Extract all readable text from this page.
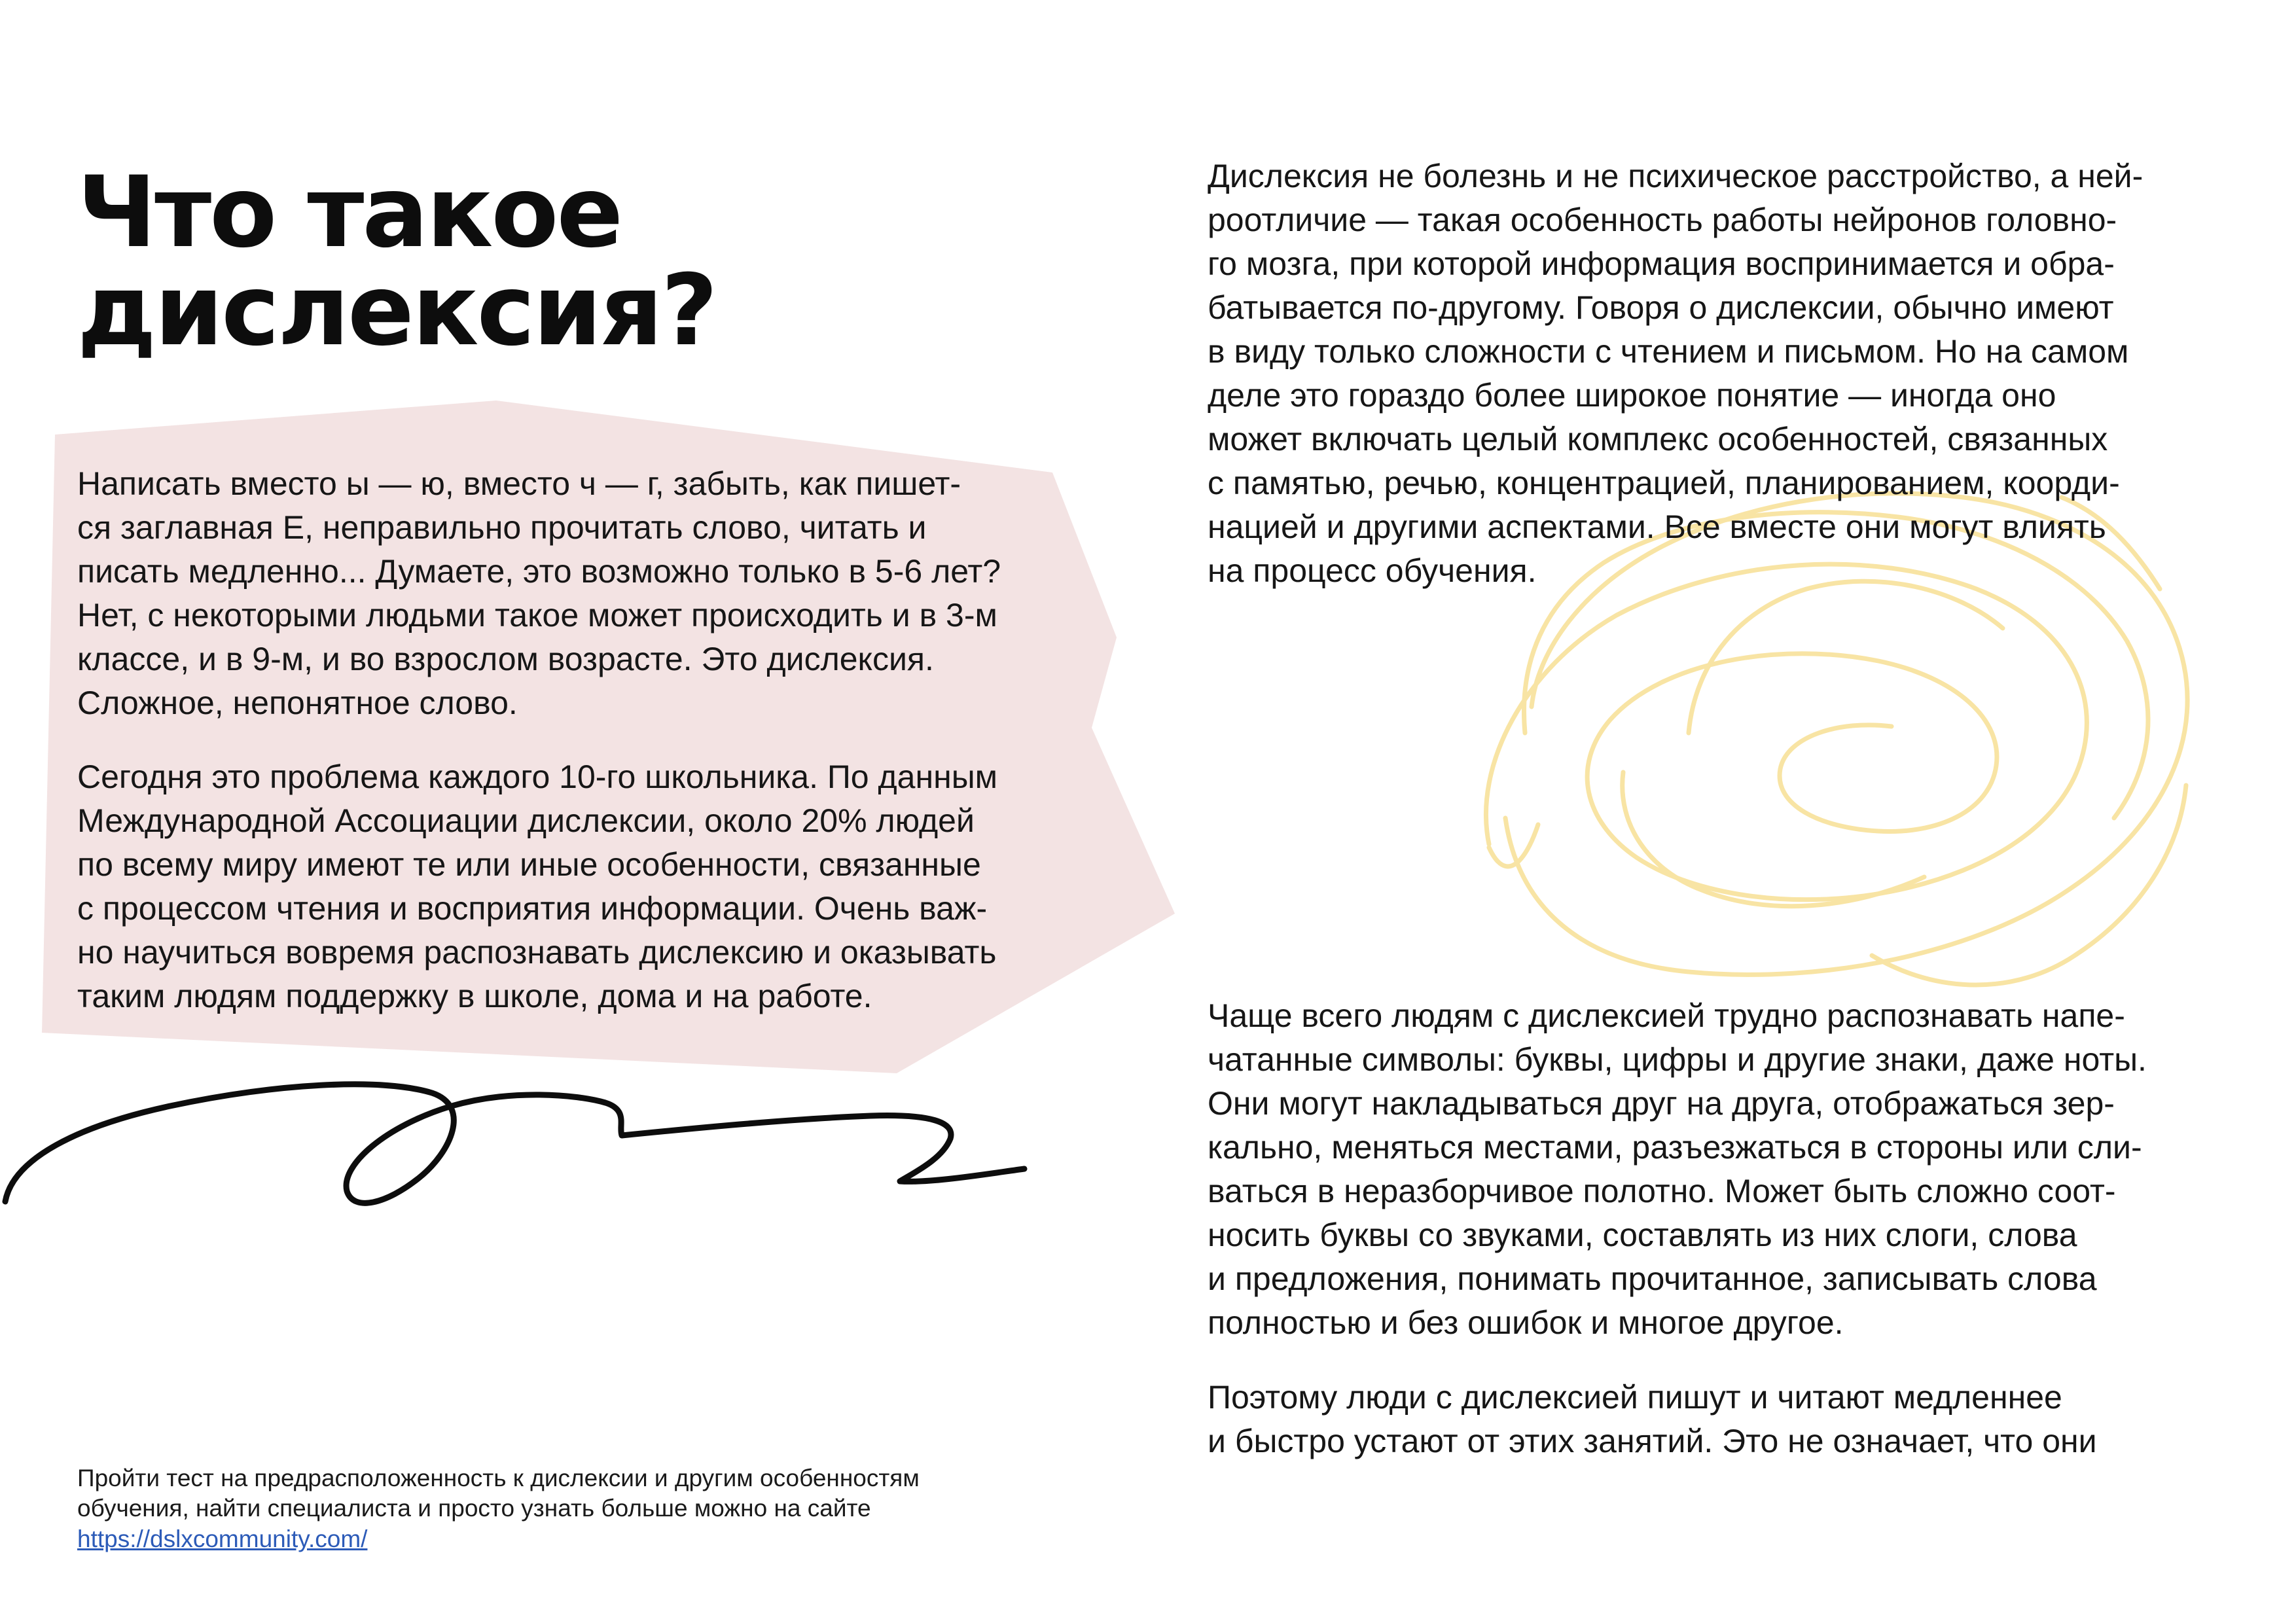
Что такое
дислексия?

Написать вместо ы — ю, вместо ч — г, забыть, как пишет-
ся заглавная Е, неправильно прочитать слово, читать и
писать медленно... Думаете, это возможно только в 5-6 лет?
Нет, с некоторыми людьми такое может происходить и в 3-м
классе, и в 9-м, и во взрослом возрасте. Это дислексия.
Сложное, непонятное слово.

Сегодня это проблема каждого 10-го школьника. По данным
Международной Ассоциации дислексии, около 20% людей
по всему миру имеют те или иные особенности, связанные
с процессом чтения и восприятия информации. Очень важ-
но научиться вовремя распознавать дислексию и оказывать
таким людям поддержку в школе, дома и на работе.

Дислексия не болезнь и не психическое расстройство, а ней-
роотличие — такая особенность работы нейронов головно-
го мозга, при которой информация воспринимается и обра-
батывается по-другому. Говоря о дислексии, обычно имеют
в виду только сложности с чтением и письмом. Но на самом
деле это гораздо более широкое понятие — иногда оно
может включать целый комплекс особенностей, связанных
с памятью, речью, концентрацией, планированием, коорди-
нацией и другими аспектами. Все вместе они могут влиять
на процесс обучения.

Чаще всего людям с дислексией трудно распознавать напе-
чатанные символы: буквы, цифры и другие знаки, даже ноты.
Они могут накладываться друг на друга, отображаться зер-
кально, меняться местами, разъезжаться в стороны или сли-
ваться в неразборчивое полотно. Может быть сложно соот-
носить буквы со звуками, составлять из них слоги, слова
и предложения, понимать прочитанное, записывать слова
полностью и без ошибок и многое другое.

Поэтому люди с дислексией пишут и читают медленнее
и быстро устают от этих занятий. Это не означает, что они

Пройти тест на предрасположенность к дислексии и другим особенностям
обучения, найти специалиста и просто узнать больше можно на сайте

https://dslxcommunity.com/
